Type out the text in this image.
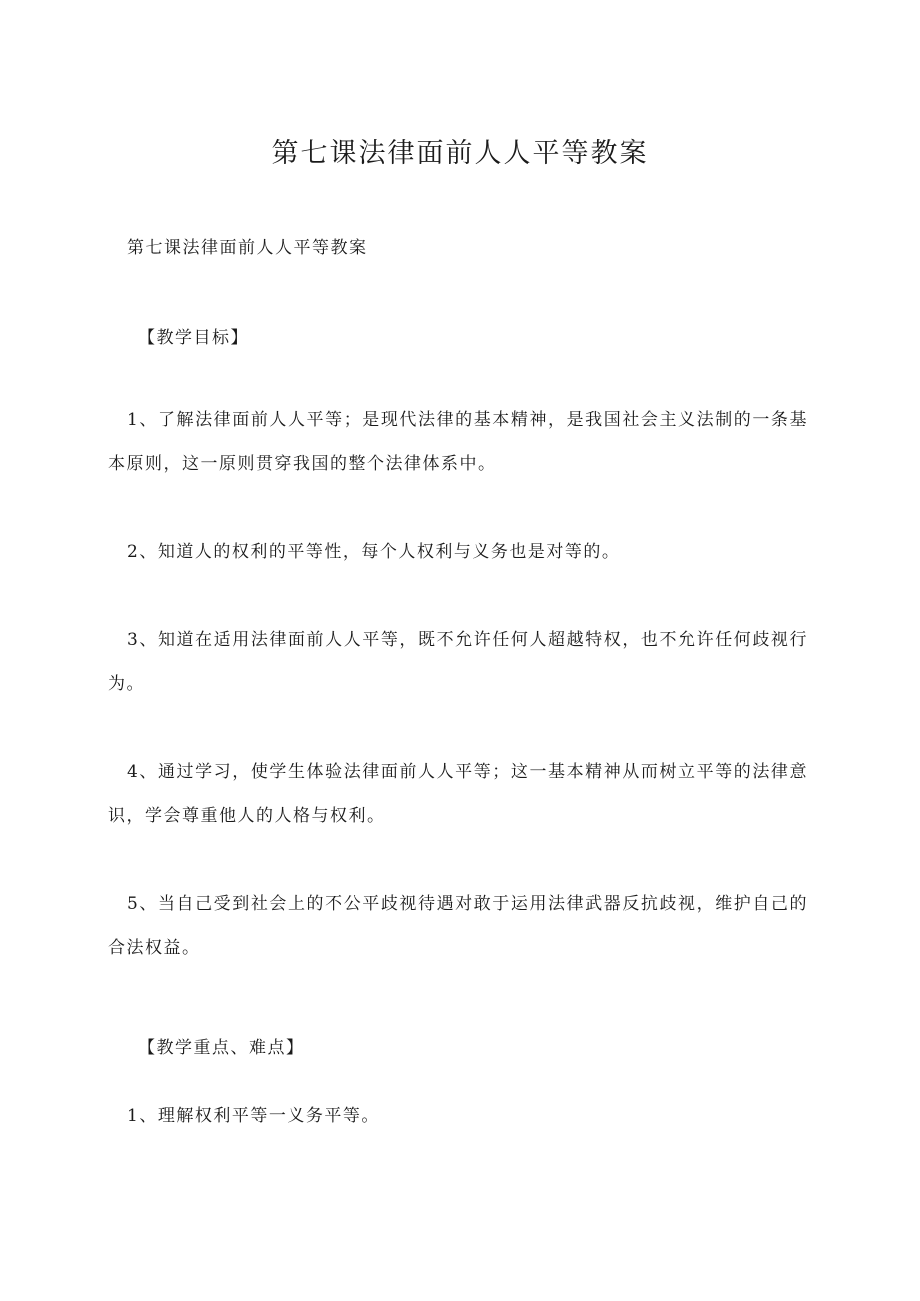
第七课法律面前人人平等教案

第七课法律面前人人平等教案

【教学目标】

1、了解法律面前人人平等；是现代法律的基本精神，是我国社会主义法制的一条基本原则，这一原则贯穿我国的整个法律体系中。

2、知道人的权利的平等性，每个人权利与义务也是对等的。

3、知道在适用法律面前人人平等，既不允许任何人超越特权，也不允许任何歧视行为。

4、通过学习，使学生体验法律面前人人平等；这一基本精神从而树立平等的法律意识，学会尊重他人的人格与权利。

5、当自己受到社会上的不公平歧视待遇对敢于运用法律武器反抗歧视，维护自己的合法权益。

【教学重点、难点】

1、理解权利平等一义务平等。
